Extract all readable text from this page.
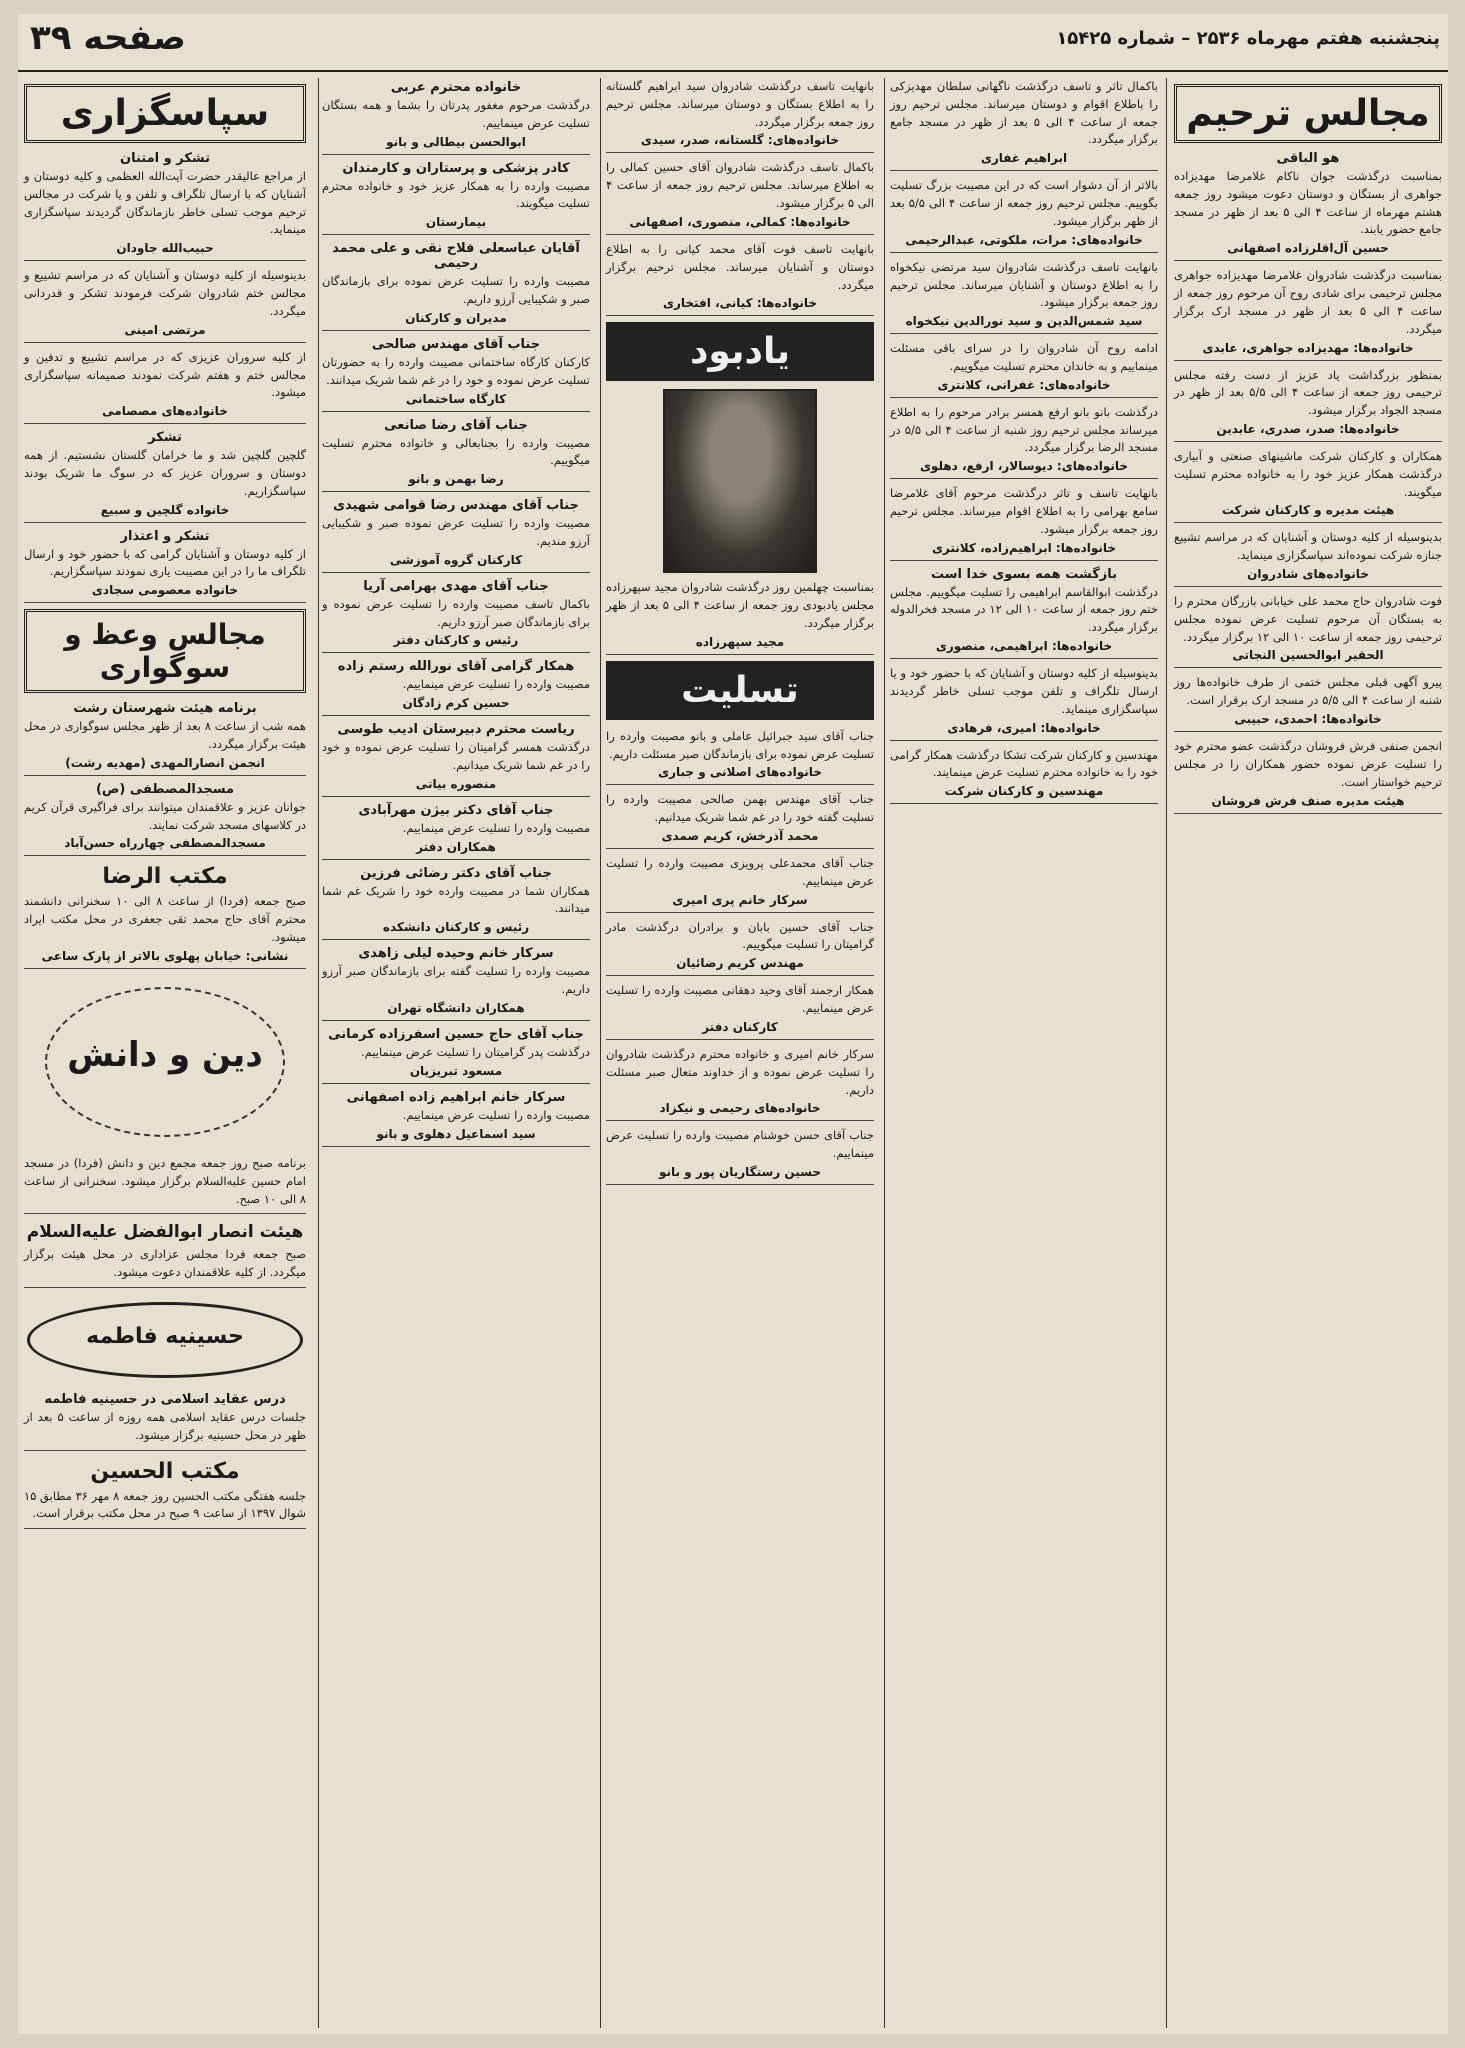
پنجشنبه هفتم مهرماه ۲۵۳۶ – شماره ۱۵۴۲۵
صفحه ۳۹
مجالس ترحیم
هو الباقی

بمناسبت درگذشت جوان ناکام غلامرضا مهدیزاده جواهری از بستگان و دوستان دعوت میشود روز جمعه هشتم مهرماه از ساعت ۴ الی ۵ بعد از ظهر در مسجد جامع حضور یابند.

حسین آل‌اقلرزاده اصفهانی

بمناسبت درگذشت شادروان غلامرضا مهدیزاده جواهری مجلس ترحیمی برای شادی روح آن مرحوم روز جمعه از ساعت ۴ الی ۵ بعد از ظهر در مسجد ارک برگزار میگردد.

خانواده‌ها: مهدیزاده جواهری، عابدی

بمنظور بزرگداشت یاد عزیز از دست رفته مجلس ترحیمی روز جمعه از ساعت ۴ الی ۵/۵ بعد از ظهر در مسجد الجواد برگزار میشود.

خانواده‌ها: صدر، صدری، عابدین

همکاران و کارکنان شرکت ماشینهای صنعتی و آبیاری درگذشت همکار عزیز خود را به خانواده محترم تسلیت میگویند.

هیئت مدیره و کارکنان شرکت

بدینوسیله از کلیه دوستان و آشنایان که در مراسم تشییع جنازه شرکت نموده‌اند سپاسگزاری مینماید.

خانواده‌های شادروان

فوت شادروان حاج محمد علی خیابانی بازرگان محترم را به بستگان آن مرحوم تسلیت عرض نموده مجلس ترحیمی روز جمعه از ساعت ۱۰ الی ۱۲ برگزار میگردد.

الحقیر ابوالحسین النجاتی

پیرو آگهی قبلی مجلس ختمی از طرف خانواده‌ها روز شنبه از ساعت ۴ الی ۵/۵ در مسجد ارک برقرار است.

خانواده‌ها: احمدی، حبیبی

انجمن صنفی فرش فروشان درگذشت عضو محترم خود را تسلیت عرض نموده حضور همکاران را در مجلس ترحیم خواستار است.

هیئت مدیره صنف فرش فروشان

باکمال تاثر و تاسف درگذشت ناگهانی سلطان مهدیزکی را باطلاع اقوام و دوستان میرساند. مجلس ترحیم روز جمعه از ساعت ۴ الی ۵ بعد از ظهر در مسجد جامع برگزار میگردد.

ابراهیم غفاری

بالاتر از آن دشوار است که در این مصیبت بزرگ تسلیت بگوییم. مجلس ترحیم روز جمعه از ساعت ۴ الی ۵/۵ بعد از ظهر برگزار میشود.

خانواده‌های: مرات، ملکوتی، عبدالرحیمی

بانهایت تاسف درگذشت شادروان سید مرتضی نیکخواه را به اطلاع دوستان و آشنایان میرساند. مجلس ترحیم روز جمعه برگزار میشود.

سید شمس‌الدین و سید نورالدین نیکخواه

ادامه روح آن شادروان را در سرای باقی مسئلت مینماییم و به خاندان محترم تسلیت میگوییم.

خانواده‌های: غفرانی، کلانتری

درگذشت بانو بانو ارفع همسر برادر مرحوم را به اطلاع میرساند مجلس ترحیم روز شنبه از ساعت ۴ الی ۵/۵ در مسجد الرضا برگزار میگردد.

خانواده‌های: دیوسالار، ارفع، دهلوی

بانهایت تاسف و تاثر درگذشت مرحوم آقای غلامرضا سامع بهرامی را به اطلاع اقوام میرساند. مجلس ترحیم روز جمعه برگزار میشود.

خانواده‌ها: ابراهیم‌زاده، کلانتری
بازگشت همه بسوی خدا است

درگذشت ابوالقاسم ابراهیمی را تسلیت میگوییم. مجلس ختم روز جمعه از ساعت ۱۰ الی ۱۲ در مسجد فخرالدوله برگزار میگردد.

خانواده‌ها: ابراهیمی، منصوری

بدینوسیله از کلیه دوستان و آشنایان که با حضور خود و یا ارسال تلگراف و تلفن موجب تسلی خاطر گردیدند سپاسگزاری مینماید.

خانواده‌ها: امیری، فرهادی

مهندسین و کارکنان شرکت تشکا درگذشت همکار گرامی خود را به خانواده محترم تسلیت عرض مینمایند.

مهندسین و کارکنان شرکت

بانهایت تاسف درگذشت شادروان سید ابراهیم گلستانه را به اطلاع بستگان و دوستان میرساند. مجلس ترحیم روز جمعه برگزار میگردد.

خانواده‌های: گلستانه، صدر، سیدی

باکمال تاسف درگذشت شادروان آقای حسین کمالی را به اطلاع میرساند. مجلس ترحیم روز جمعه از ساعت ۴ الی ۵ برگزار میشود.

خانواده‌ها: کمالی، منصوری، اصفهانی

بانهایت تاسف فوت آقای محمد کیانی را به اطلاع دوستان و آشنایان میرساند. مجلس ترحیم برگزار میگردد.

خانواده‌ها: کیانی، افتخاری
یادبود

بمناسبت چهلمین روز درگذشت شادروان مجید سپهرزاده مجلس یادبودی روز جمعه از ساعت ۴ الی ۵ بعد از ظهر برگزار میگردد.

مجید سپهرزاده
تسلیت

جناب آقای سید جبرائیل عاملی و بانو مصیبت وارده را تسلیت عرض نموده برای بازماندگان صبر مسئلت داریم.

خانواده‌های اصلانی و جباری

جناب آقای مهندس بهمن صالحی مصیبت وارده را تسلیت گفته خود را در غم شما شریک میدانیم.

محمد آذرخش، کریم صمدی

جناب آقای محمدعلی پرویزی مصیبت وارده را تسلیت عرض مینماییم.

سرکار خانم پری امیری

جناب آقای حسین بابان و برادران درگذشت مادر گرامیتان را تسلیت میگوییم.

مهندس کریم رضائیان

همکار ارجمند آقای وحید دهقانی مصیبت وارده را تسلیت عرض مینماییم.

کارکنان دفتر

سرکار خانم امیری و خانواده محترم درگذشت شادروان را تسلیت عرض نموده و از خداوند متعال صبر مسئلت داریم.

خانواده‌های رحیمی و نیکزاد

جناب آقای حسن خوشنام مصیبت وارده را تسلیت عرض مینماییم.

حسین رستگاریان پور و بانو
خانواده محترم عربی

درگذشت مرحوم مغفور پدرتان را بشما و همه بستگان تسلیت عرض مینماییم.

ابوالحسن بیطالی و بانو
کادر پزشکی و پرستاران و کارمندان

مصیبت وارده را به همکار عزیز خود و خانواده محترم تسلیت میگویند.

بیمارستان
آقایان عباسعلی فلاح نقی و علی محمد رحیمی

مصیبت وارده را تسلیت عرض نموده برای بازماندگان صبر و شکیبایی آرزو داریم.

مدیران و کارکنان
جناب آقای مهندس صالحی

کارکنان کارگاه ساختمانی مصیبت وارده را به حضورتان تسلیت عرض نموده و خود را در غم شما شریک میدانند.

کارگاه ساختمانی
جناب آقای رضا صانعی

مصیبت وارده را بجنابعالی و خانواده محترم تسلیت میگوییم.

رضا بهمن و بانو
جناب آقای مهندس رضا قوامی شهیدی

مصیبت وارده را تسلیت عرض نموده صبر و شکیبایی آرزو مندیم.

کارکنان گروه آموزشی
جناب آقای مهدی بهرامی آریا

باکمال تاسف مصیبت وارده را تسلیت عرض نموده و برای بازماندگان صبر آرزو داریم.

رئیس و کارکنان دفتر
همکار گرامی آقای نورالله رستم زاده

مصیبت وارده را تسلیت عرض مینماییم.

حسین کرم زادگان
ریاست محترم دبیرستان ادیب طوسی

درگذشت همسر گرامیتان را تسلیت عرض نموده و خود را در غم شما شریک میدانیم.

منصوره بیاتی
جناب آقای دکتر بیژن مهرآبادی

مصیبت وارده را تسلیت عرض مینماییم.

همکاران دفتر
جناب آقای دکتر رضائی فرزین

همکاران شما در مصیبت وارده خود را شریک غم شما میدانند.

رئیس و کارکنان دانشکده
سرکار خانم وحیده لیلی زاهدی

مصیبت وارده را تسلیت گفته برای بازماندگان صبر آرزو داریم.

همکاران دانشگاه تهران
جناب آقای حاج حسین اسفرزاده کرمانی

درگذشت پدر گرامیتان را تسلیت عرض مینماییم.

مسعود تبریزیان
سرکار خانم ابراهیم زاده اصفهانی

مصیبت وارده را تسلیت عرض مینماییم.

سید اسماعیل دهلوی و بانو
سپاسگزاری
تشکر و امتنان

از مراجع عالیقدر حضرت آیت‌الله العظمی و کلیه دوستان و آشنایان که با ارسال تلگراف و تلفن و یا شرکت در مجالس ترحیم موجب تسلی خاطر بازماندگان گردیدند سپاسگزاری مینماید.

حبیب‌الله جاودان

بدینوسیله از کلیه دوستان و آشنایان که در مراسم تشییع و مجالس ختم شادروان شرکت فرمودند تشکر و قدردانی میگردد.

مرتضی امینی

از کلیه سروران عزیزی که در مراسم تشییع و تدفین و مجالس ختم و هفتم شرکت نمودند صمیمانه سپاسگزاری میشود.

خانواده‌های مصصامی
تشکر

گلچین گلچین شد و ما خرامان گلستان نشستیم. از همه دوستان و سروران عزیز که در سوگ ما شریک بودند سپاسگزاریم.

خانواده گلچین و سبیع
تشکر و اعتذار

از کلیه دوستان و آشنایان گرامی که با حضور خود و ارسال تلگراف ما را در این مصیبت یاری نمودند سپاسگزاریم.

خانواده معصومی سجادی
مجالس وعظ و سوگواری
برنامه هیئت شهرستان رشت

همه شب از ساعت ۸ بعد از ظهر مجلس سوگواری در محل هیئت برگزار میگردد.

انجمن انصارالمهدی (مهدیه رشت)
مسجدالمصطفی (ص)

جوانان عزیز و علاقمندان میتوانند برای فراگیری قرآن کریم در کلاسهای مسجد شرکت نمایند.

مسجدالمصطفی چهارراه حسن‌آباد
مکتب الرضا

صبح جمعه (فردا) از ساعت ۸ الی ۱۰ سخنرانی دانشمند محترم آقای حاج محمد تقی جعفری در محل مکتب ایراد میشود.

نشانی: خیابان پهلوی بالاتر از پارک ساعی
دین و دانش

برنامه صبح روز جمعه مجمع دین و دانش (فردا) در مسجد امام حسین علیه‌السلام برگزار میشود. سخنرانی از ساعت ۸ الی ۱۰ صبح.

هیئت انصار ابوالفضل علیه‌السلام

صبح جمعه فردا مجلس عزاداری در محل هیئت برگزار میگردد. از کلیه علاقمندان دعوت میشود.

حسینیه فاطمه
درس عقاید اسلامی در حسینیه فاطمه

جلسات درس عقاید اسلامی همه روزه از ساعت ۵ بعد از ظهر در محل حسینیه برگزار میشود.

مکتب الحسین

جلسه هفتگی مکتب الحسین روز جمعه ۸ مهر ۳۶ مطابق ۱۵ شوال ۱۳۹۷ از ساعت ۹ صبح در محل مکتب برقرار است.
